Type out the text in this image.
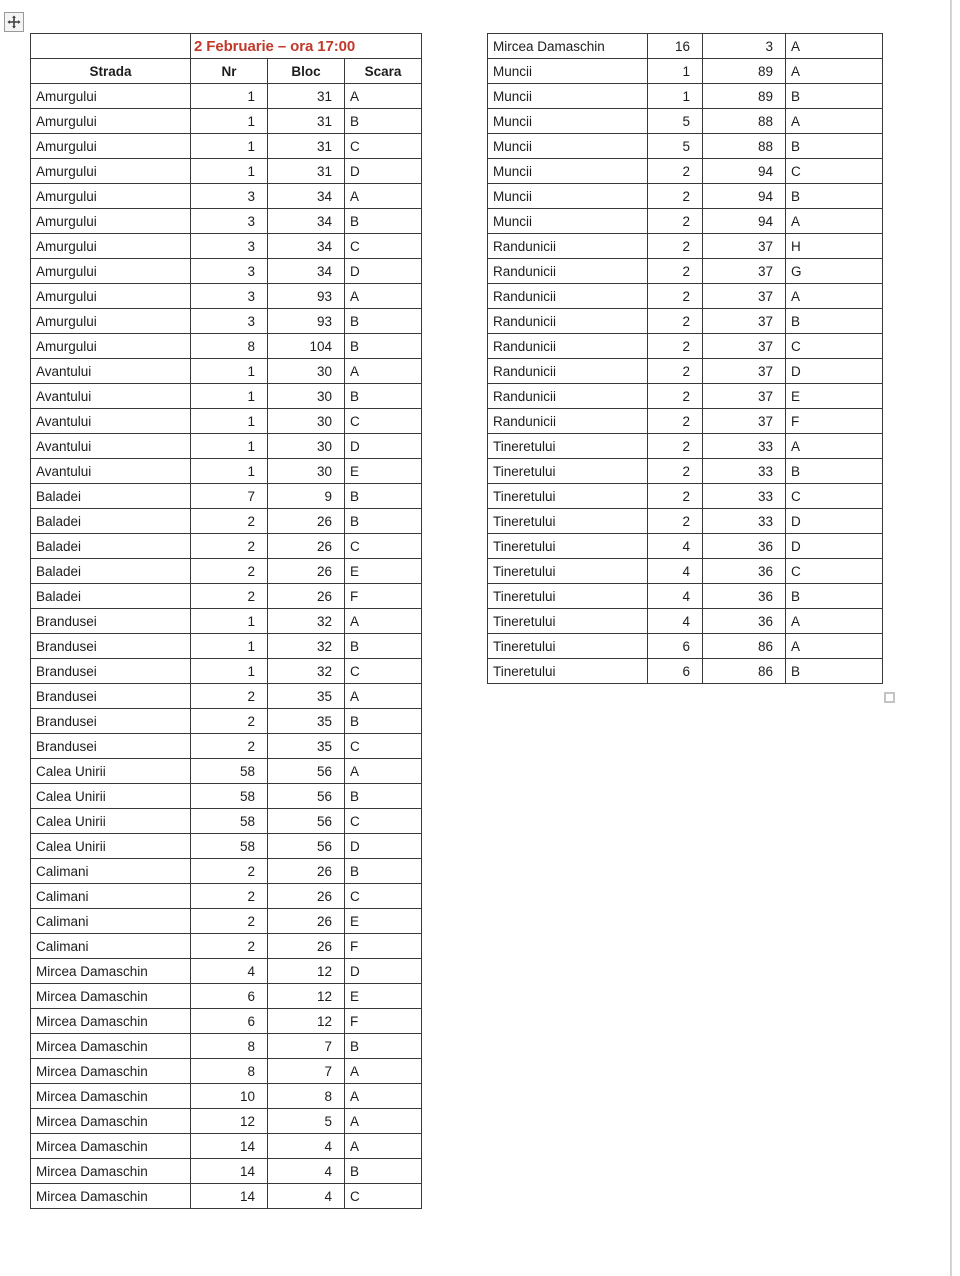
	2 Februarie – ora 17:00		
Strada	Nr	Bloc	Scara
Amurgului	1	31	A
Amurgului	1	31	B
Amurgului	1	31	C
Amurgului	1	31	D
Amurgului	3	34	A
Amurgului	3	34	B
Amurgului	3	34	C
Amurgului	3	34	D
Amurgului	3	93	A
Amurgului	3	93	B
Amurgului	8	104	B
Avantului	1	30	A
Avantului	1	30	B
Avantului	1	30	C
Avantului	1	30	D
Avantului	1	30	E
Baladei	7	9	B
Baladei	2	26	B
Baladei	2	26	C
Baladei	2	26	E
Baladei	2	26	F
Brandusei	1	32	A
Brandusei	1	32	B
Brandusei	1	32	C
Brandusei	2	35	A
Brandusei	2	35	B
Brandusei	2	35	C
Calea Unirii	58	56	A
Calea Unirii	58	56	B
Calea Unirii	58	56	C
Calea Unirii	58	56	D
Calimani	2	26	B
Calimani	2	26	C
Calimani	2	26	E
Calimani	2	26	F
Mircea Damaschin	4	12	D
Mircea Damaschin	6	12	E
Mircea Damaschin	6	12	F
Mircea Damaschin	8	7	B
Mircea Damaschin	8	7	A
Mircea Damaschin	10	8	A
Mircea Damaschin	12	5	A
Mircea Damaschin	14	4	A
Mircea Damaschin	14	4	B
Mircea Damaschin	14	4	C
Mircea Damaschin	16	3	A
Muncii	1	89	A
Muncii	1	89	B
Muncii	5	88	A
Muncii	5	88	B
Muncii	2	94	C
Muncii	2	94	B
Muncii	2	94	A
Randunicii	2	37	H
Randunicii	2	37	G
Randunicii	2	37	A
Randunicii	2	37	B
Randunicii	2	37	C
Randunicii	2	37	D
Randunicii	2	37	E
Randunicii	2	37	F
Tineretului	2	33	A
Tineretului	2	33	B
Tineretului	2	33	C
Tineretului	2	33	D
Tineretului	4	36	D
Tineretului	4	36	C
Tineretului	4	36	B
Tineretului	4	36	A
Tineretului	6	86	A
Tineretului	6	86	B
